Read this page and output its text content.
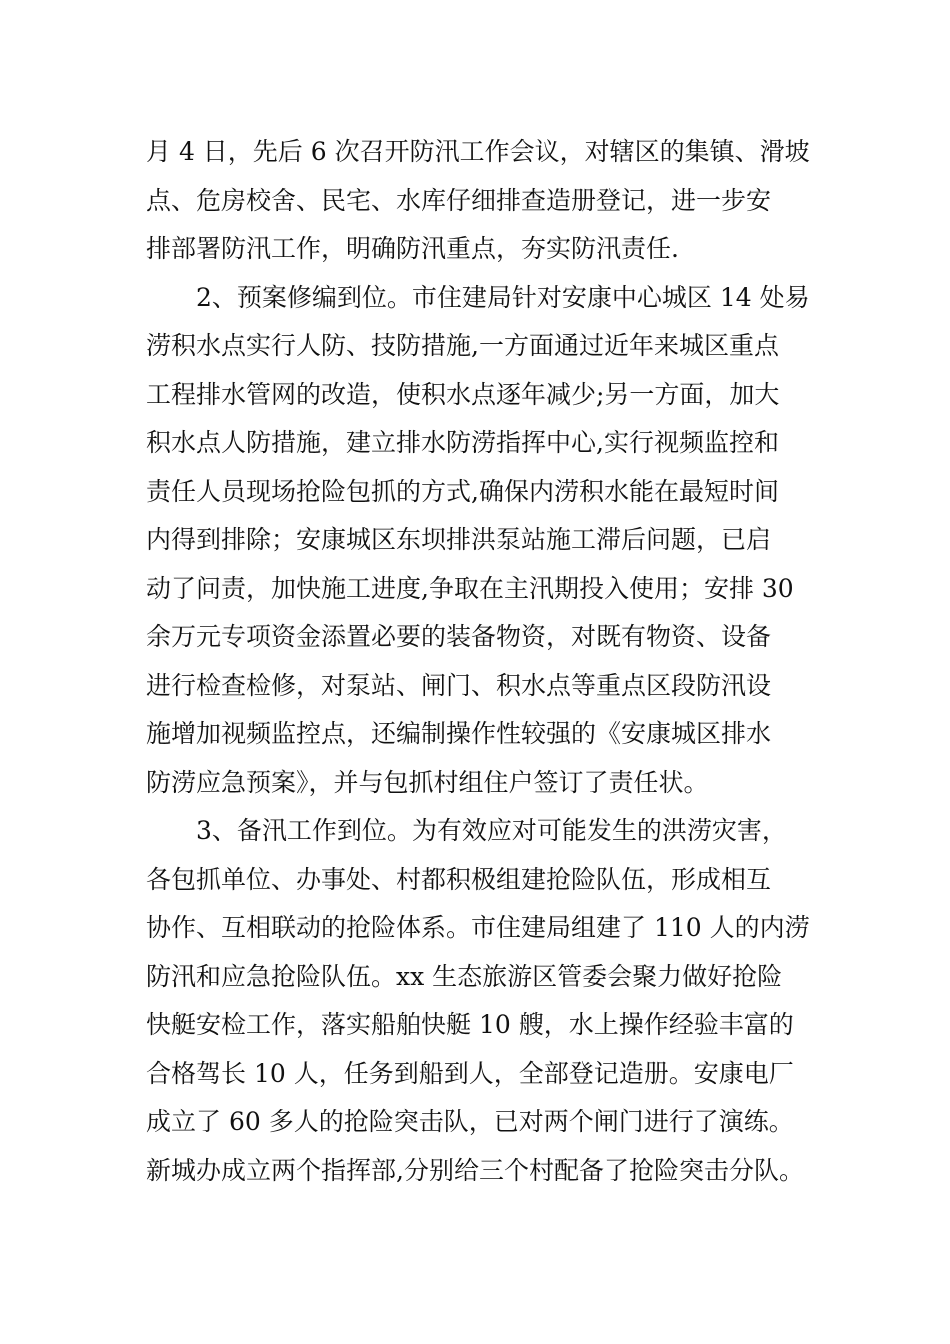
月 4 日，先后 6 次召开防汛工作会议，对辖区的集镇、滑坡
点、危房校舍、民宅、水库仔细排查造册登记，进一步安
排部署防汛工作，明确防汛重点，夯实防汛责任.
2、预案修编到位。市住建局针对安康中心城区 14 处易
涝积水点实行人防、技防措施,一方面通过近年来城区重点
工程排水管网的改造，使积水点逐年减少;另一方面，加大
积水点人防措施，建立排水防涝指挥中心,实行视频监控和
责任人员现场抢险包抓的方式,确保内涝积水能在最短时间
内得到排除；安康城区东坝排洪泵站施工滞后问题，已启
动了问责，加快施工进度,争取在主汛期投入使用；安排 30
余万元专项资金添置必要的装备物资，对既有物资、设备
进行检查检修，对泵站、闸门、积水点等重点区段防汛设
施增加视频监控点，还编制操作性较强的《安康城区排水
防涝应急预案》，并与包抓村组住户签订了责任状。
3、备汛工作到位。为有效应对可能发生的洪涝灾害，
各包抓单位、办事处、村都积极组建抢险队伍，形成相互
协作、互相联动的抢险体系。市住建局组建了 110 人的内涝
防汛和应急抢险队伍。xx 生态旅游区管委会聚力做好抢险
快艇安检工作，落实船舶快艇 10 艘，水上操作经验丰富的
合格驾长 10 人，任务到船到人，全部登记造册。安康电厂
成立了 60 多人的抢险突击队，已对两个闸门进行了演练。
新城办成立两个指挥部,分别给三个村配备了抢险突击分队。
